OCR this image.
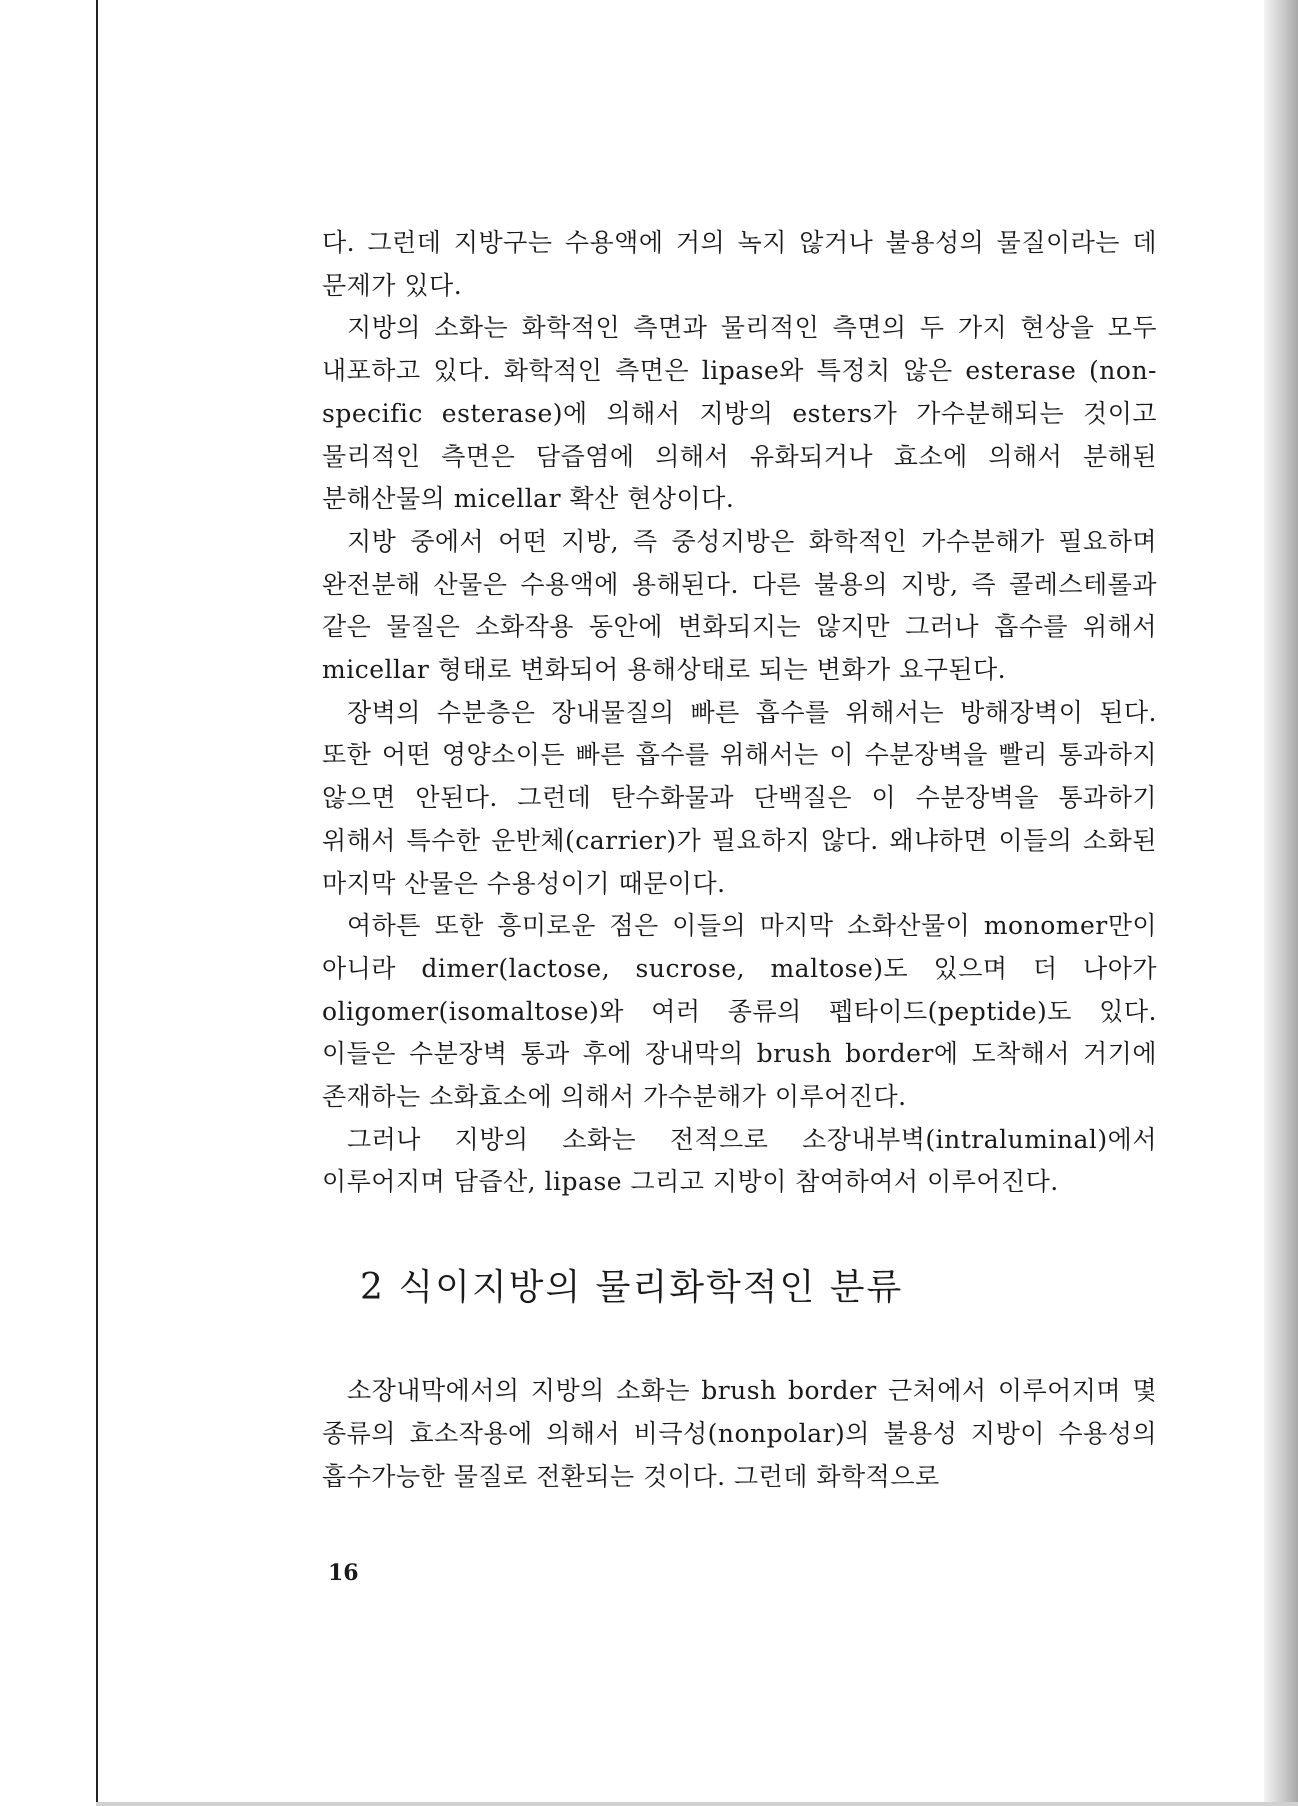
다. 그런데 지방구는 수용액에 거의 녹지 않거나 불용성의 물질이라는 데 문제가 있다.

지방의 소화는 화학적인 측면과 물리적인 측면의 두 가지 현상을 모두 내포하고 있다. 화학적인 측면은 lipase와 특정치 않은 esterase (non-specific esterase)에 의해서 지방의 esters가 가수분해되는 것이고 물리적인 측면은 담즙염에 의해서 유화되거나 효소에 의해서 분해된 분해산물의 micellar 확산 현상이다.

지방 중에서 어떤 지방, 즉 중성지방은 화학적인 가수분해가 필요하며 완전분해 산물은 수용액에 용해된다. 다른 불용의 지방, 즉 콜레스테롤과 같은 물질은 소화작용 동안에 변화되지는 않지만 그러나 흡수를 위해서 micellar 형태로 변화되어 용해상태로 되는 변화가 요구된다.

장벽의 수분층은 장내물질의 빠른 흡수를 위해서는 방해장벽이 된다. 또한 어떤 영양소이든 빠른 흡수를 위해서는 이 수분장벽을 빨리 통과하지 않으면 안된다. 그런데 탄수화물과 단백질은 이 수분장벽을 통과하기 위해서 특수한 운반체(carrier)가 필요하지 않다. 왜냐하면 이들의 소화된 마지막 산물은 수용성이기 때문이다.

여하튼 또한 흥미로운 점은 이들의 마지막 소화산물이 monomer만이 아니라 dimer(lactose, sucrose, maltose)도 있으며 더 나아가 oligomer(isomaltose)와 여러 종류의 펩타이드(peptide)도 있다. 이들은 수분장벽 통과 후에 장내막의 brush border에 도착해서 거기에 존재하는 소화효소에 의해서 가수분해가 이루어진다.

그러나 지방의 소화는 전적으로 소장내부벽(intraluminal)에서 이루어지며 담즙산, lipase 그리고 지방이 참여하여서 이루어진다.

2 식이지방의 물리화학적인 분류

소장내막에서의 지방의 소화는 brush border 근처에서 이루어지며 몇 종류의 효소작용에 의해서 비극성(nonpolar)의 불용성 지방이 수용성의 흡수가능한 물질로 전환되는 것이다. 그런데 화학적으로

16
